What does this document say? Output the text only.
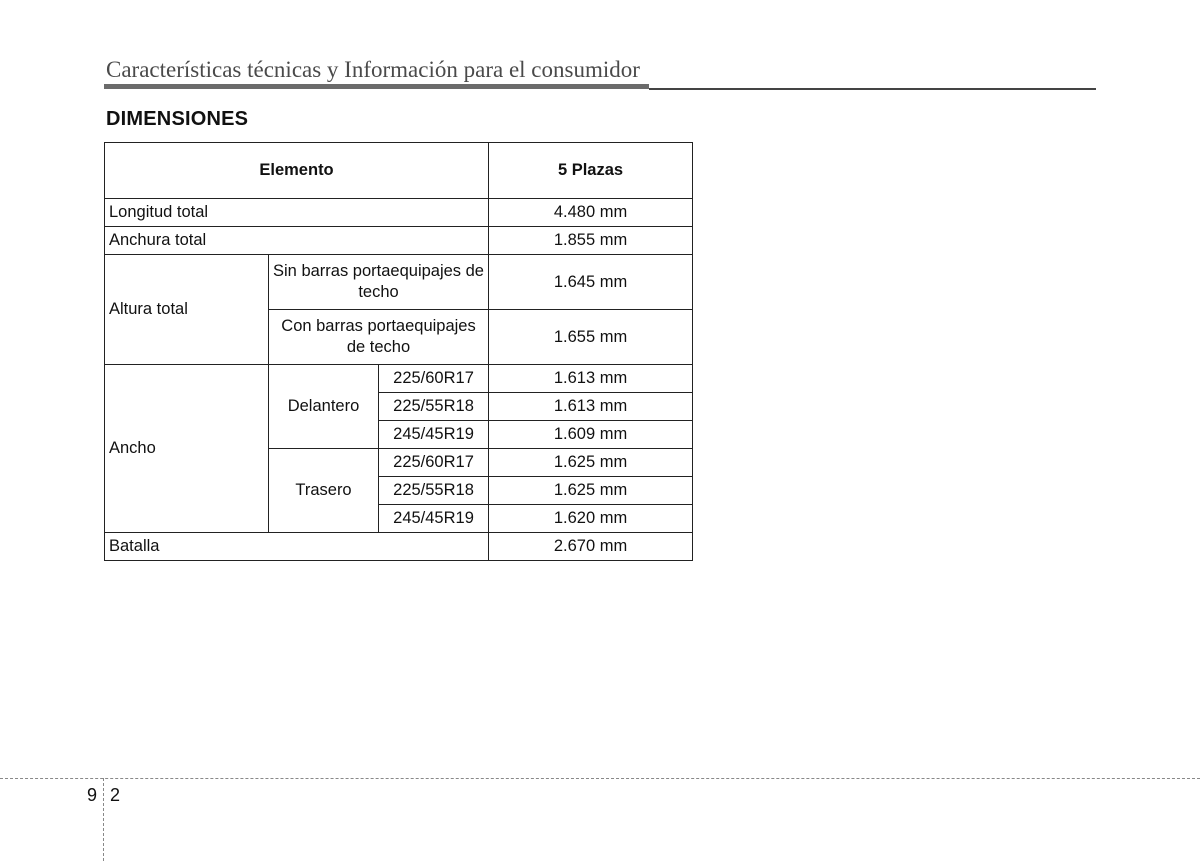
Características técnicas y Información para el consumidor
DIMENSIONES
Elemento			5 Plazas
Longitud total			4.480 mm
Anchura total			1.855 mm
Altura total	Sin barras portaequipajes de techo		1.645 mm
	Con barras portaequipajes de techo		1.655 mm
Ancho	Delantero	225/60R17	1.613 mm
		225/55R18	1.613 mm
		245/45R19	1.609 mm
	Trasero	225/60R17	1.625 mm
		225/55R18	1.625 mm
		245/45R19	1.620 mm
Batalla			2.670 mm
9 2
